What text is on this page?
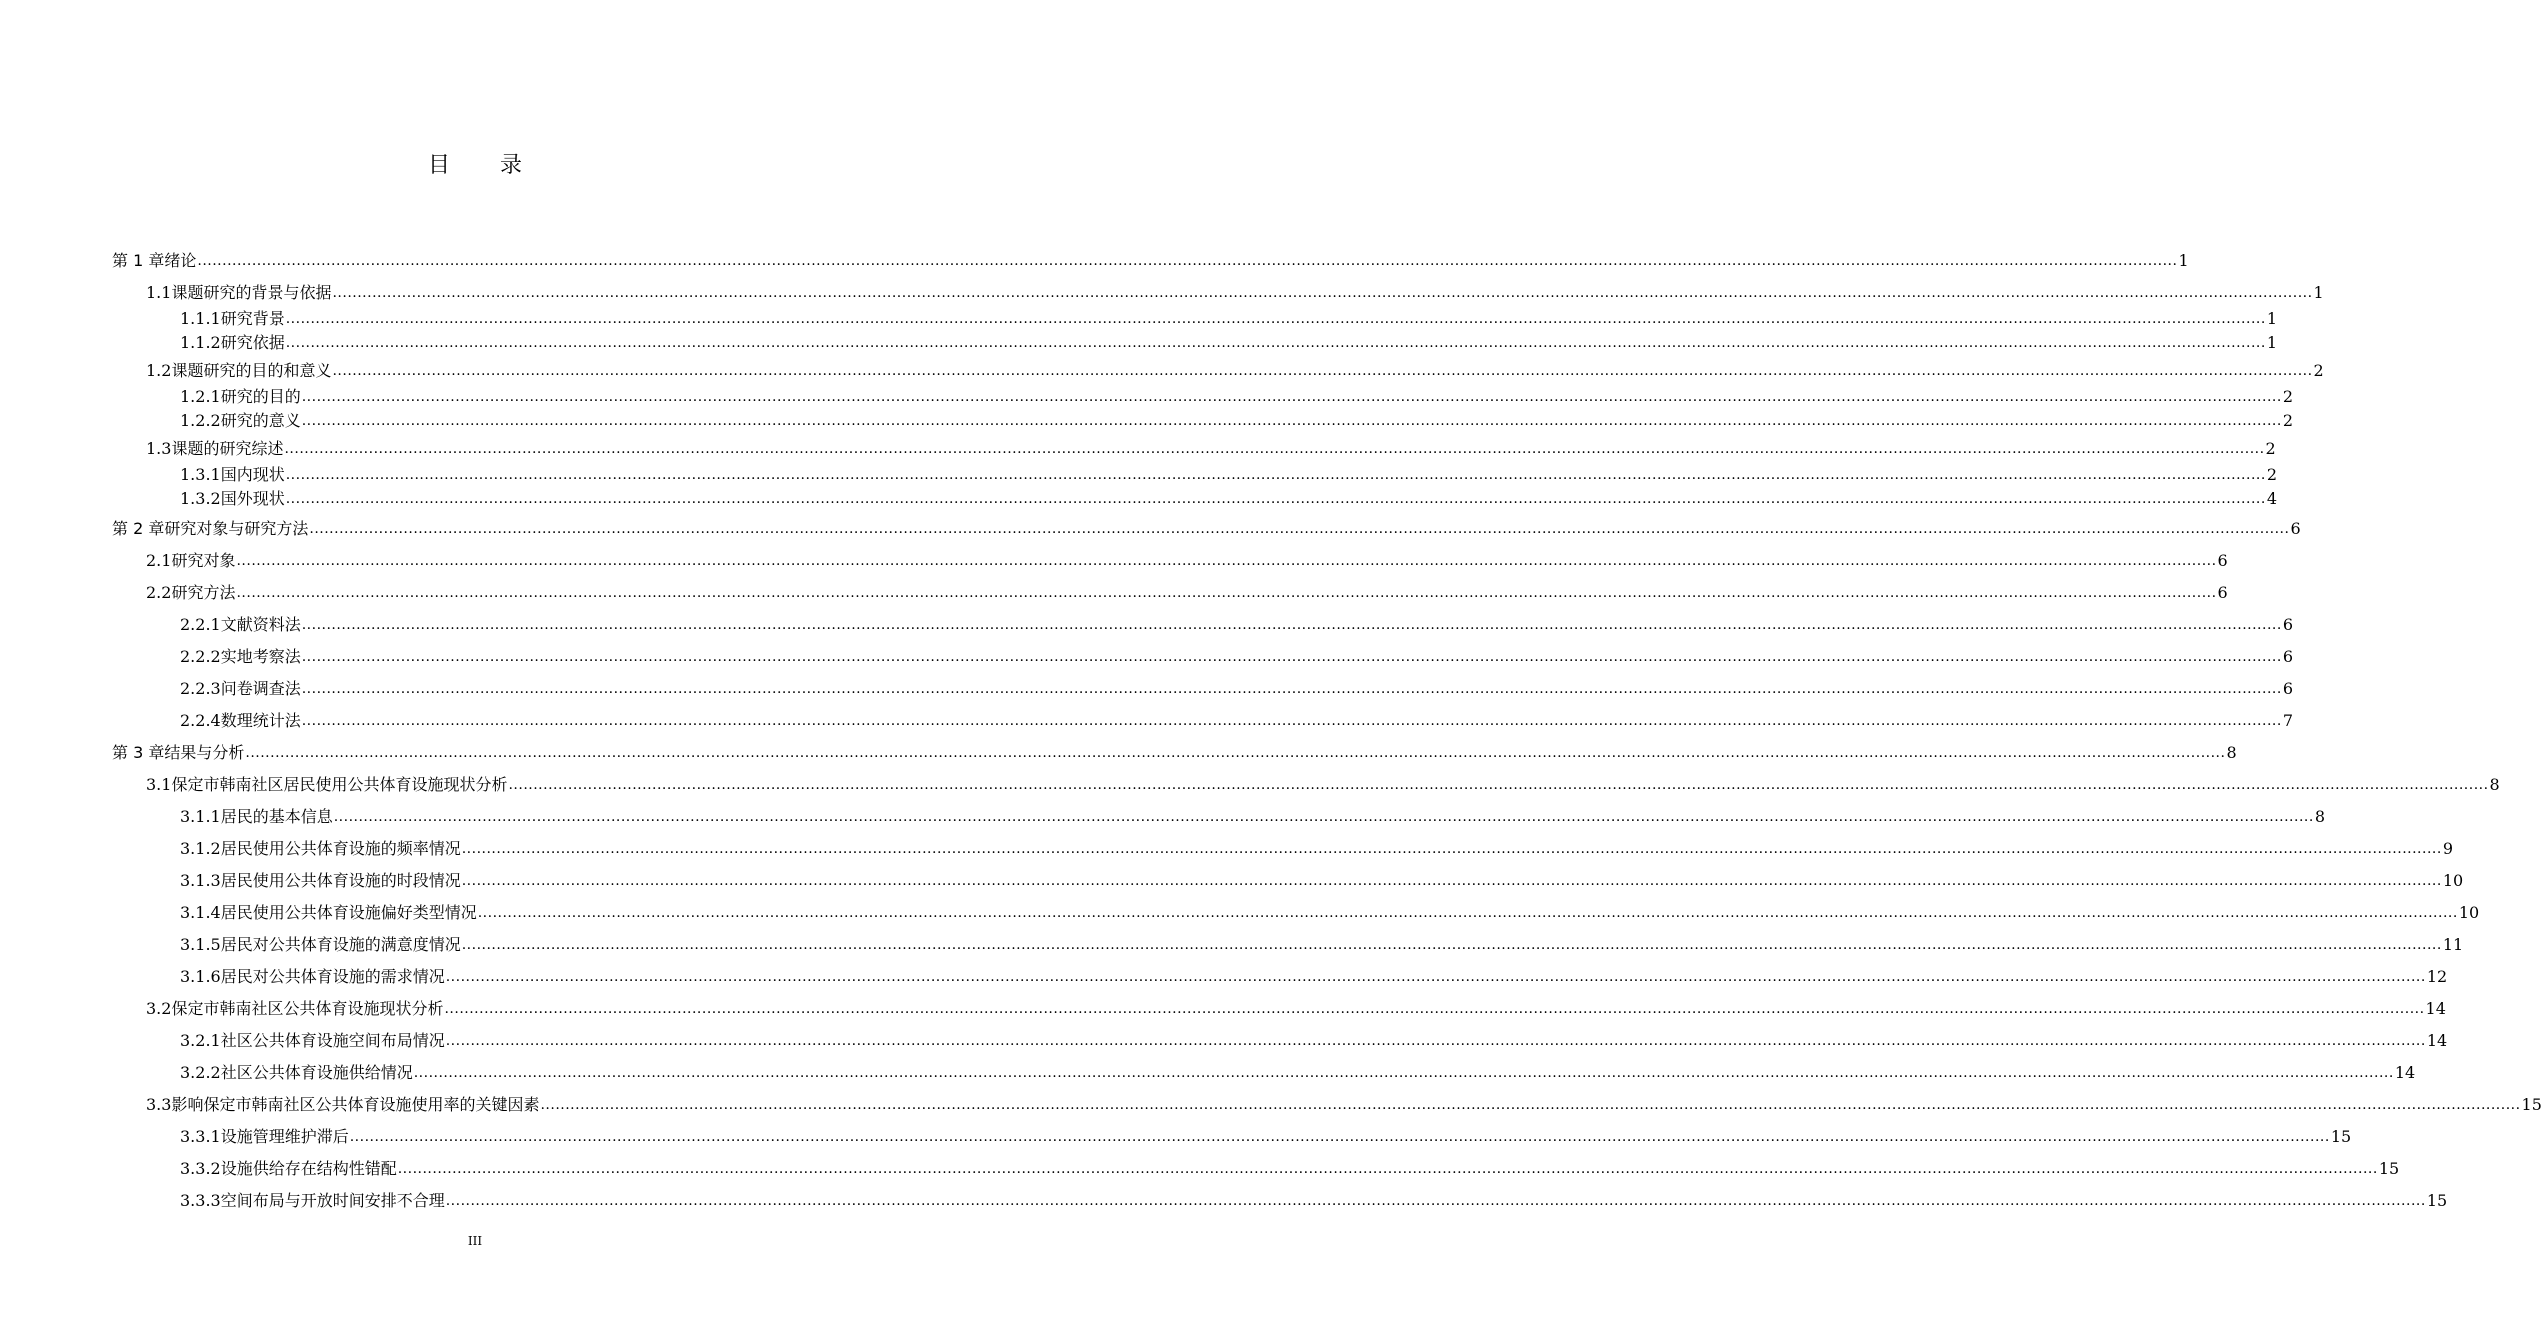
目 录
第 1 章 绪论 ................................................................................................................................................................................................................................................................................................................................................................................................................ 1
1.1 课题研究的背景与依据 ................................................................................................................................................................................................................................................................................................................................................................................................................ 1
1.1.1 研究背景 ................................................................................................................................................................................................................................................................................................................................................................................................................ 1
1.1.2 研究依据 ................................................................................................................................................................................................................................................................................................................................................................................................................ 1
1.2 课题研究的目的和意义 ................................................................................................................................................................................................................................................................................................................................................................................................................ 2
1.2.1 研究的目的 ................................................................................................................................................................................................................................................................................................................................................................................................................ 2
1.2.2 研究的意义 ................................................................................................................................................................................................................................................................................................................................................................................................................ 2
1.3 课题的研究综述 ................................................................................................................................................................................................................................................................................................................................................................................................................ 2
1.3.1 国内现状 ................................................................................................................................................................................................................................................................................................................................................................................................................ 2
1.3.2 国外现状 ................................................................................................................................................................................................................................................................................................................................................................................................................ 4
第 2 章 研究对象与研究方法 ................................................................................................................................................................................................................................................................................................................................................................................................................ 6
2.1 研究对象 ................................................................................................................................................................................................................................................................................................................................................................................................................ 6
2.2 研究方法 ................................................................................................................................................................................................................................................................................................................................................................................................................ 6
2.2.1 文献资料法 ................................................................................................................................................................................................................................................................................................................................................................................................................ 6
2.2.2 实地考察法 ................................................................................................................................................................................................................................................................................................................................................................................................................ 6
2.2.3 问卷调查法 ................................................................................................................................................................................................................................................................................................................................................................................................................ 6
2.2.4 数理统计法 ................................................................................................................................................................................................................................................................................................................................................................................................................ 7
第 3 章 结果与分析 ................................................................................................................................................................................................................................................................................................................................................................................................................ 8
3.1 保定市韩南社区居民使用公共体育设施现状分析 ................................................................................................................................................................................................................................................................................................................................................................................................................ 8
3.1.1 居民的基本信息 ................................................................................................................................................................................................................................................................................................................................................................................................................ 8
3.1.2 居民使用公共体育设施的频率情况 ................................................................................................................................................................................................................................................................................................................................................................................................................ 9
3.1.3 居民使用公共体育设施的时段情况 ................................................................................................................................................................................................................................................................................................................................................................................................................ 10
3.1.4 居民使用公共体育设施偏好类型情况 ................................................................................................................................................................................................................................................................................................................................................................................................................ 10
3.1.5 居民对公共体育设施的满意度情况 ................................................................................................................................................................................................................................................................................................................................................................................................................ 11
3.1.6 居民对公共体育设施的需求情况 ................................................................................................................................................................................................................................................................................................................................................................................................................ 12
3.2 保定市韩南社区公共体育设施现状分析 ................................................................................................................................................................................................................................................................................................................................................................................................................ 14
3.2.1 社区公共体育设施空间布局情况 ................................................................................................................................................................................................................................................................................................................................................................................................................ 14
3.2.2 社区公共体育设施供给情况 ................................................................................................................................................................................................................................................................................................................................................................................................................ 14
3.3 影响保定市韩南社区公共体育设施使用率的关键因素 ................................................................................................................................................................................................................................................................................................................................................................................................................ 15
3.3.1 设施管理维护滞后 ................................................................................................................................................................................................................................................................................................................................................................................................................ 15
3.3.2 设施供给存在结构性错配 ................................................................................................................................................................................................................................................................................................................................................................................................................ 15
3.3.3 空间布局与开放时间安排不合理 ................................................................................................................................................................................................................................................................................................................................................................................................................ 15
III
